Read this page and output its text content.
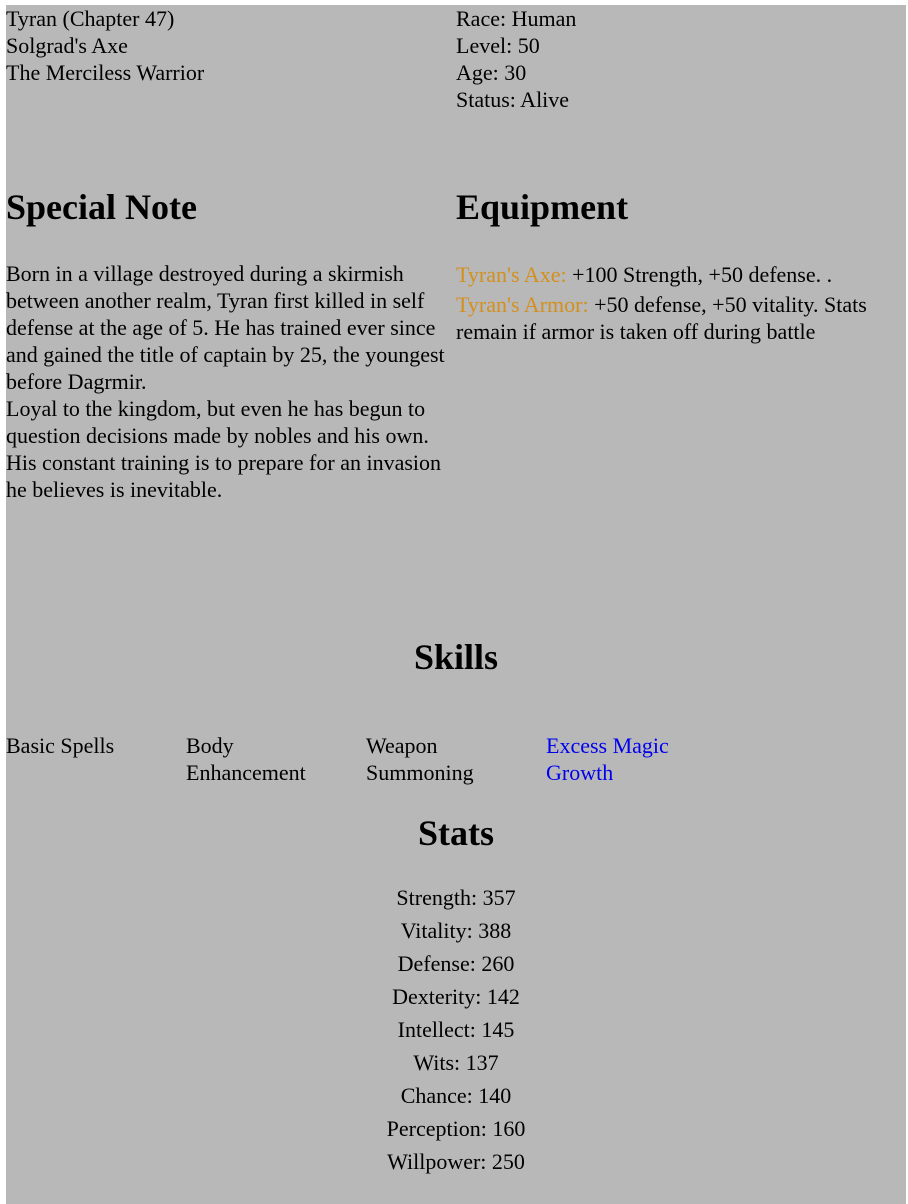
Tyran (Chapter 47)
Solgrad's Axe
The Merciless Warrior
Race: Human
Level: 50
Age: 30
Status: Alive
Special Note

Born in a village destroyed during a skirmish between another realm, Tyran first killed in self defense at the age of 5. He has trained ever since and gained the title of captain by 25, the youngest before Dagrmir.

Loyal to the kingdom, but even he has begun to question decisions made by nobles and his own.

His constant training is to prepare for an invasion he believes is inevitable.

Equipment

Tyran's Axe: +100 Strength, +50 defense. .

Tyran's Armor: +50 defense, +50 vitality. Stats remain if armor is taken off during battle

Skills
Basic Spells	Body Enhancement
Weapon Summoning
Excess Magic Growth
Stats
Strength: 357
Vitality: 388
Defense: 260
Dexterity: 142
Intellect: 145
Wits: 137
Chance: 140
Perception: 160
Willpower: 250
